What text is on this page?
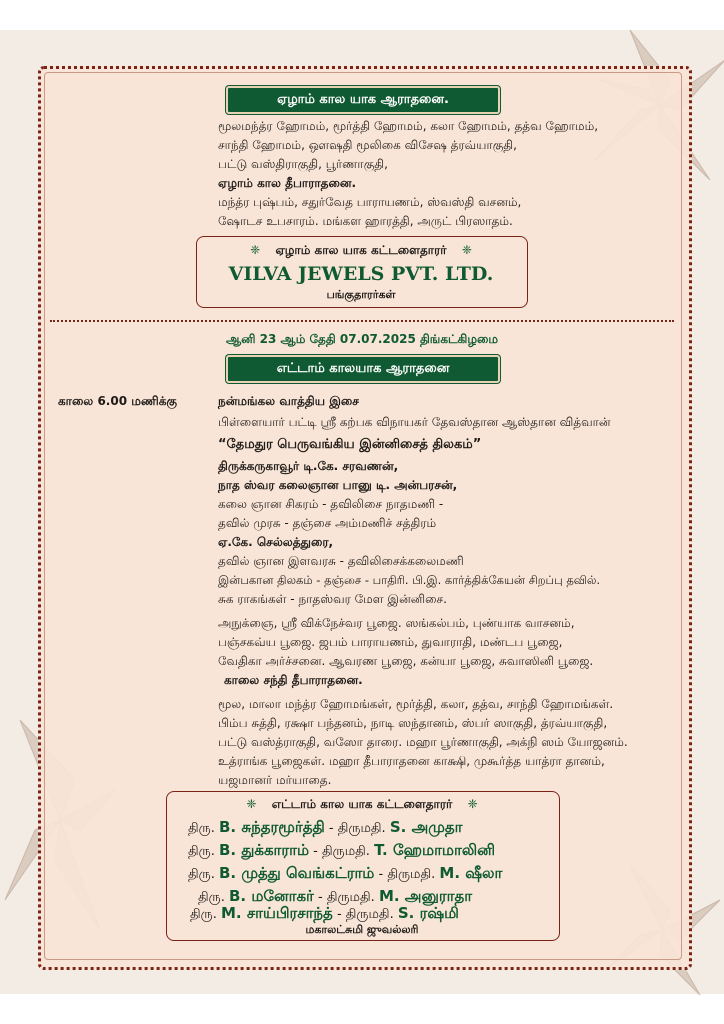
ஏழாம் கால யாக ஆராதனை.
மூலமந்த்ர ஹோமம், மூர்த்தி ஹோமம், கலா ஹோமம், தத்வ ஹோமம்,
சாந்தி ஹோமம், ஔஷதி மூலிகை விசேஷ த்ரவ்யாகுதி,
பட்டு வஸ்திராகுதி, பூர்ணாகுதி,
ஏழாம் கால தீபாராதனை.
மந்த்ர புஷ்பம், சதுர்வேத பாராயணம், ஸ்வஸ்தி வசனம்,
ஷோடச உபசாரம். மங்கள ஹாரத்தி, அருட் பிரஸாதம்.
❈ ஏழாம் கால யாக கட்டளைதாரர் ❈
VILVA JEWELS PVT. LTD.
பங்குதாரர்கள்
ஆனி 23 ஆம் தேதி 07.07.2025 திங்கட்கிழமை
எட்டாம் காலயாக ஆராதனை
காலை 6.00 மணிக்கு	நன்மங்கல வாத்திய இசை
பிள்ளையார் பட்டி ஸ்ரீ கற்பக விநாயகர் தேவஸ்தான ஆஸ்தான வித்வான்
“தேமதுர பெருவங்கிய இன்னிசைத் திலகம்”
திருக்கருகாவூர் டி.கே. சரவணன்,
நாத ஸ்வர கலைஞான பானு டி. அன்பரசன்,
கலை ஞான சிகரம் - தவிலிசை நாதமணி -
தவில் முரசு - தஞ்சை அம்மணிச் சத்திரம்
ஏ.கே. செல்லத்துரை,
தவில் ஞான இளவரசு - தவிலிசைக்கலைமணி
இன்பகான திலகம் - தஞ்சை - பாதிரி. பி.இ. கார்த்திக்கேயன் சிறப்பு தவில்.
சுக ராகங்கள் - நாதஸ்வர மேள இன்னிசை.
அநுக்ஞை, ஸ்ரீ விக்நேச்வர பூஜை. ஸங்கல்பம், புண்யாக வாசனம்,
பஞ்சகவ்ய பூஜை. ஜபம் பாராயணம், துவாராதி, மண்டப பூஜை,
வேதிகா அர்ச்சனை. ஆவரண பூஜை, கன்யா பூஜை, சுவாஸினி பூஜை.
காலை சந்தி தீபாராதனை.
மூல, மாலா மந்த்ர ஹோமங்கள், மூர்த்தி, கலா, தத்வ, சாந்தி ஹோமங்கள்.
பிம்ப சுத்தி, ரக்ஷா பந்தனம், நாடி ஸந்தானம், ஸ்பர் ஸாகுதி, த்ரவ்யாகுதி,
பட்டு வஸ்த்ராகுதி, வஸோ தாரை. மஹா பூர்ணாகுதி, அக்நி ஸம் யோஜனம்.
உத்ராங்க பூஜைகள். மஹா தீபாராதனை காக்ஷி, முகூர்த்த யாத்ரா தானம்,
யஜமானர் மர்யாதை.
❈ எட்டாம் கால யாக கட்டளைதாரர் ❈
திரு. B. சுந்தரமூர்த்தி - திருமதி. S. அமுதா
திரு. B. துக்காராம் - திருமதி. T. ஹேமாமாலினி
திரு. B. முத்து வெங்கட்ராம் - திருமதி. M. ஷீலா
திரு. B. மனோகர் - திருமதி. M. அனுராதா
திரு. M. சாய்பிரசாந்த் - திருமதி. S. ரஷ்மி
மகாலட்சுமி ஜுவல்லரி
